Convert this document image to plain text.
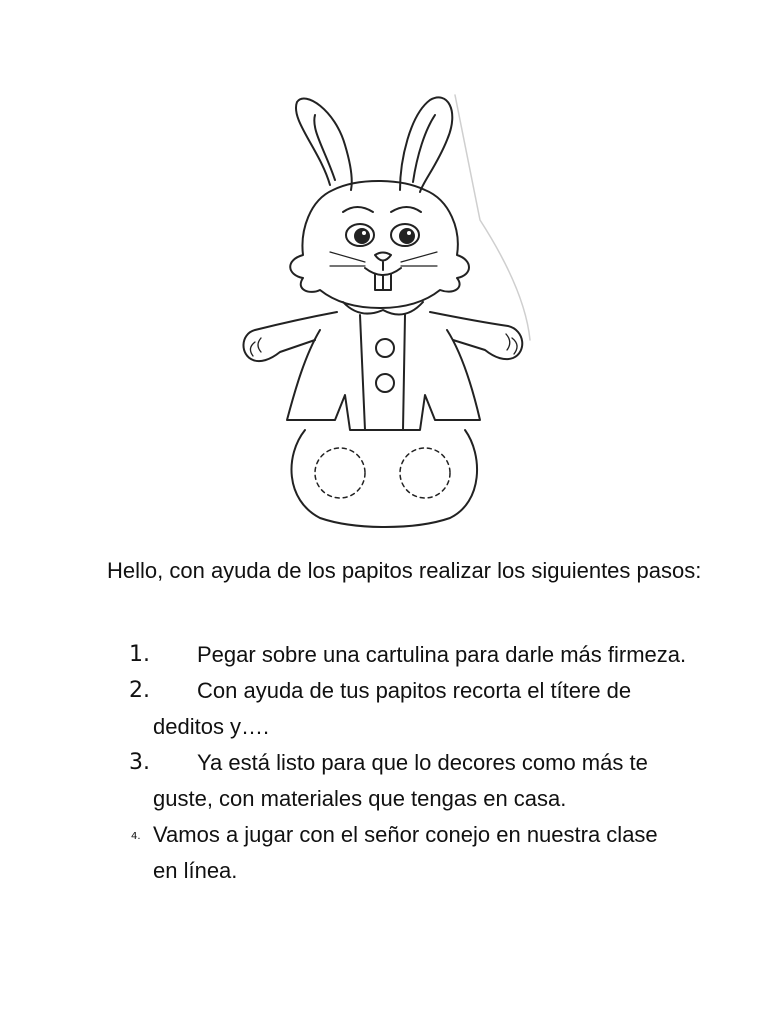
Hello, con ayuda de los papitos realizar los siguientes pasos:

1.	Pegar sobre una cartulina para darle más firmeza.
2.	Con ayuda de tus papitos recorta el títere de deditos y….
3.	Ya está listo para que lo decores como más te guste, con materiales que tengas en casa.
4. Vamos a jugar con el señor conejo en nuestra clase en línea.
